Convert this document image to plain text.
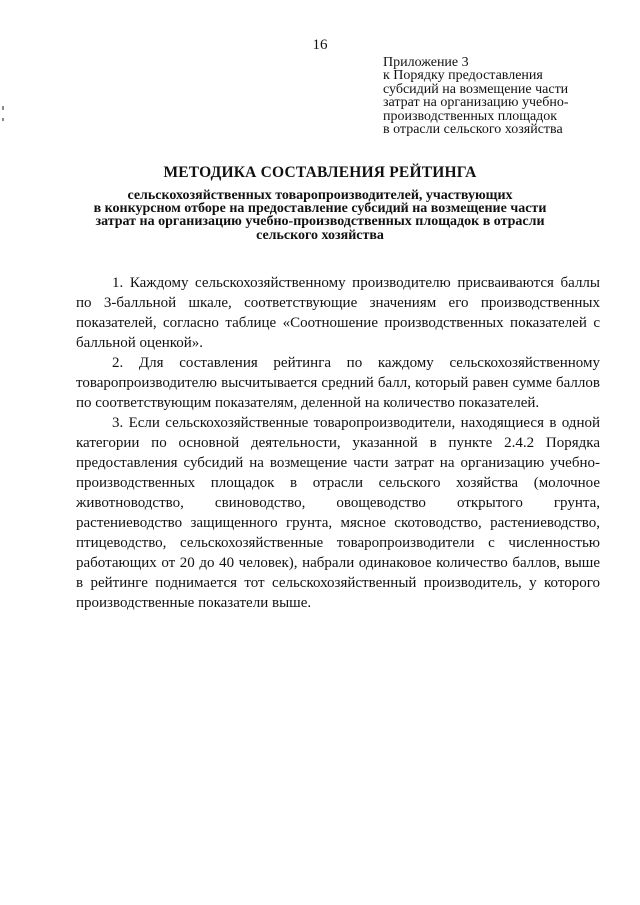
16
Приложение 3
к Порядку предоставления
субсидий на возмещение части
затрат на организацию учебно-
производственных площадок
в отрасли сельского хозяйства
МЕТОДИКА СОСТАВЛЕНИЯ РЕЙТИНГА
сельскохозяйственных товаропроизводителей, участвующих
в конкурсном отборе на предоставление субсидий на возмещение части
затрат на организацию учебно-производственных площадок в отрасли
сельского хозяйства

1. Каждому сельскохозяйственному производителю присваиваются баллы по 3-балльной шкале, соответствующие значениям его производственных показателей, согласно таблице «Соотношение производственных показателей с балльной оценкой».

2. Для составления рейтинга по каждому сельскохозяйственному товаропроизводителю высчитывается средний балл, который равен сумме баллов по соответствующим показателям, деленной на количество показателей.

3. Если сельскохозяйственные товаропроизводители, находящиеся в одной категории по основной деятельности, указанной в пункте 2.4.2 Порядка предоставления субсидий на возмещение части затрат на организацию учебно-производственных площадок в отрасли сельского хозяйства (молочное животноводство, свиноводство, овощеводство открытого грунта, растениеводство защищенного грунта, мясное скотоводство, растениеводство, птицеводство, сельскохозяйственные товаропроизводители с численностью работающих от 20 до 40 человек), набрали одинаковое количество баллов, выше в рейтинге поднимается тот сельскохозяйственный производитель, у которого производственные показатели выше.
